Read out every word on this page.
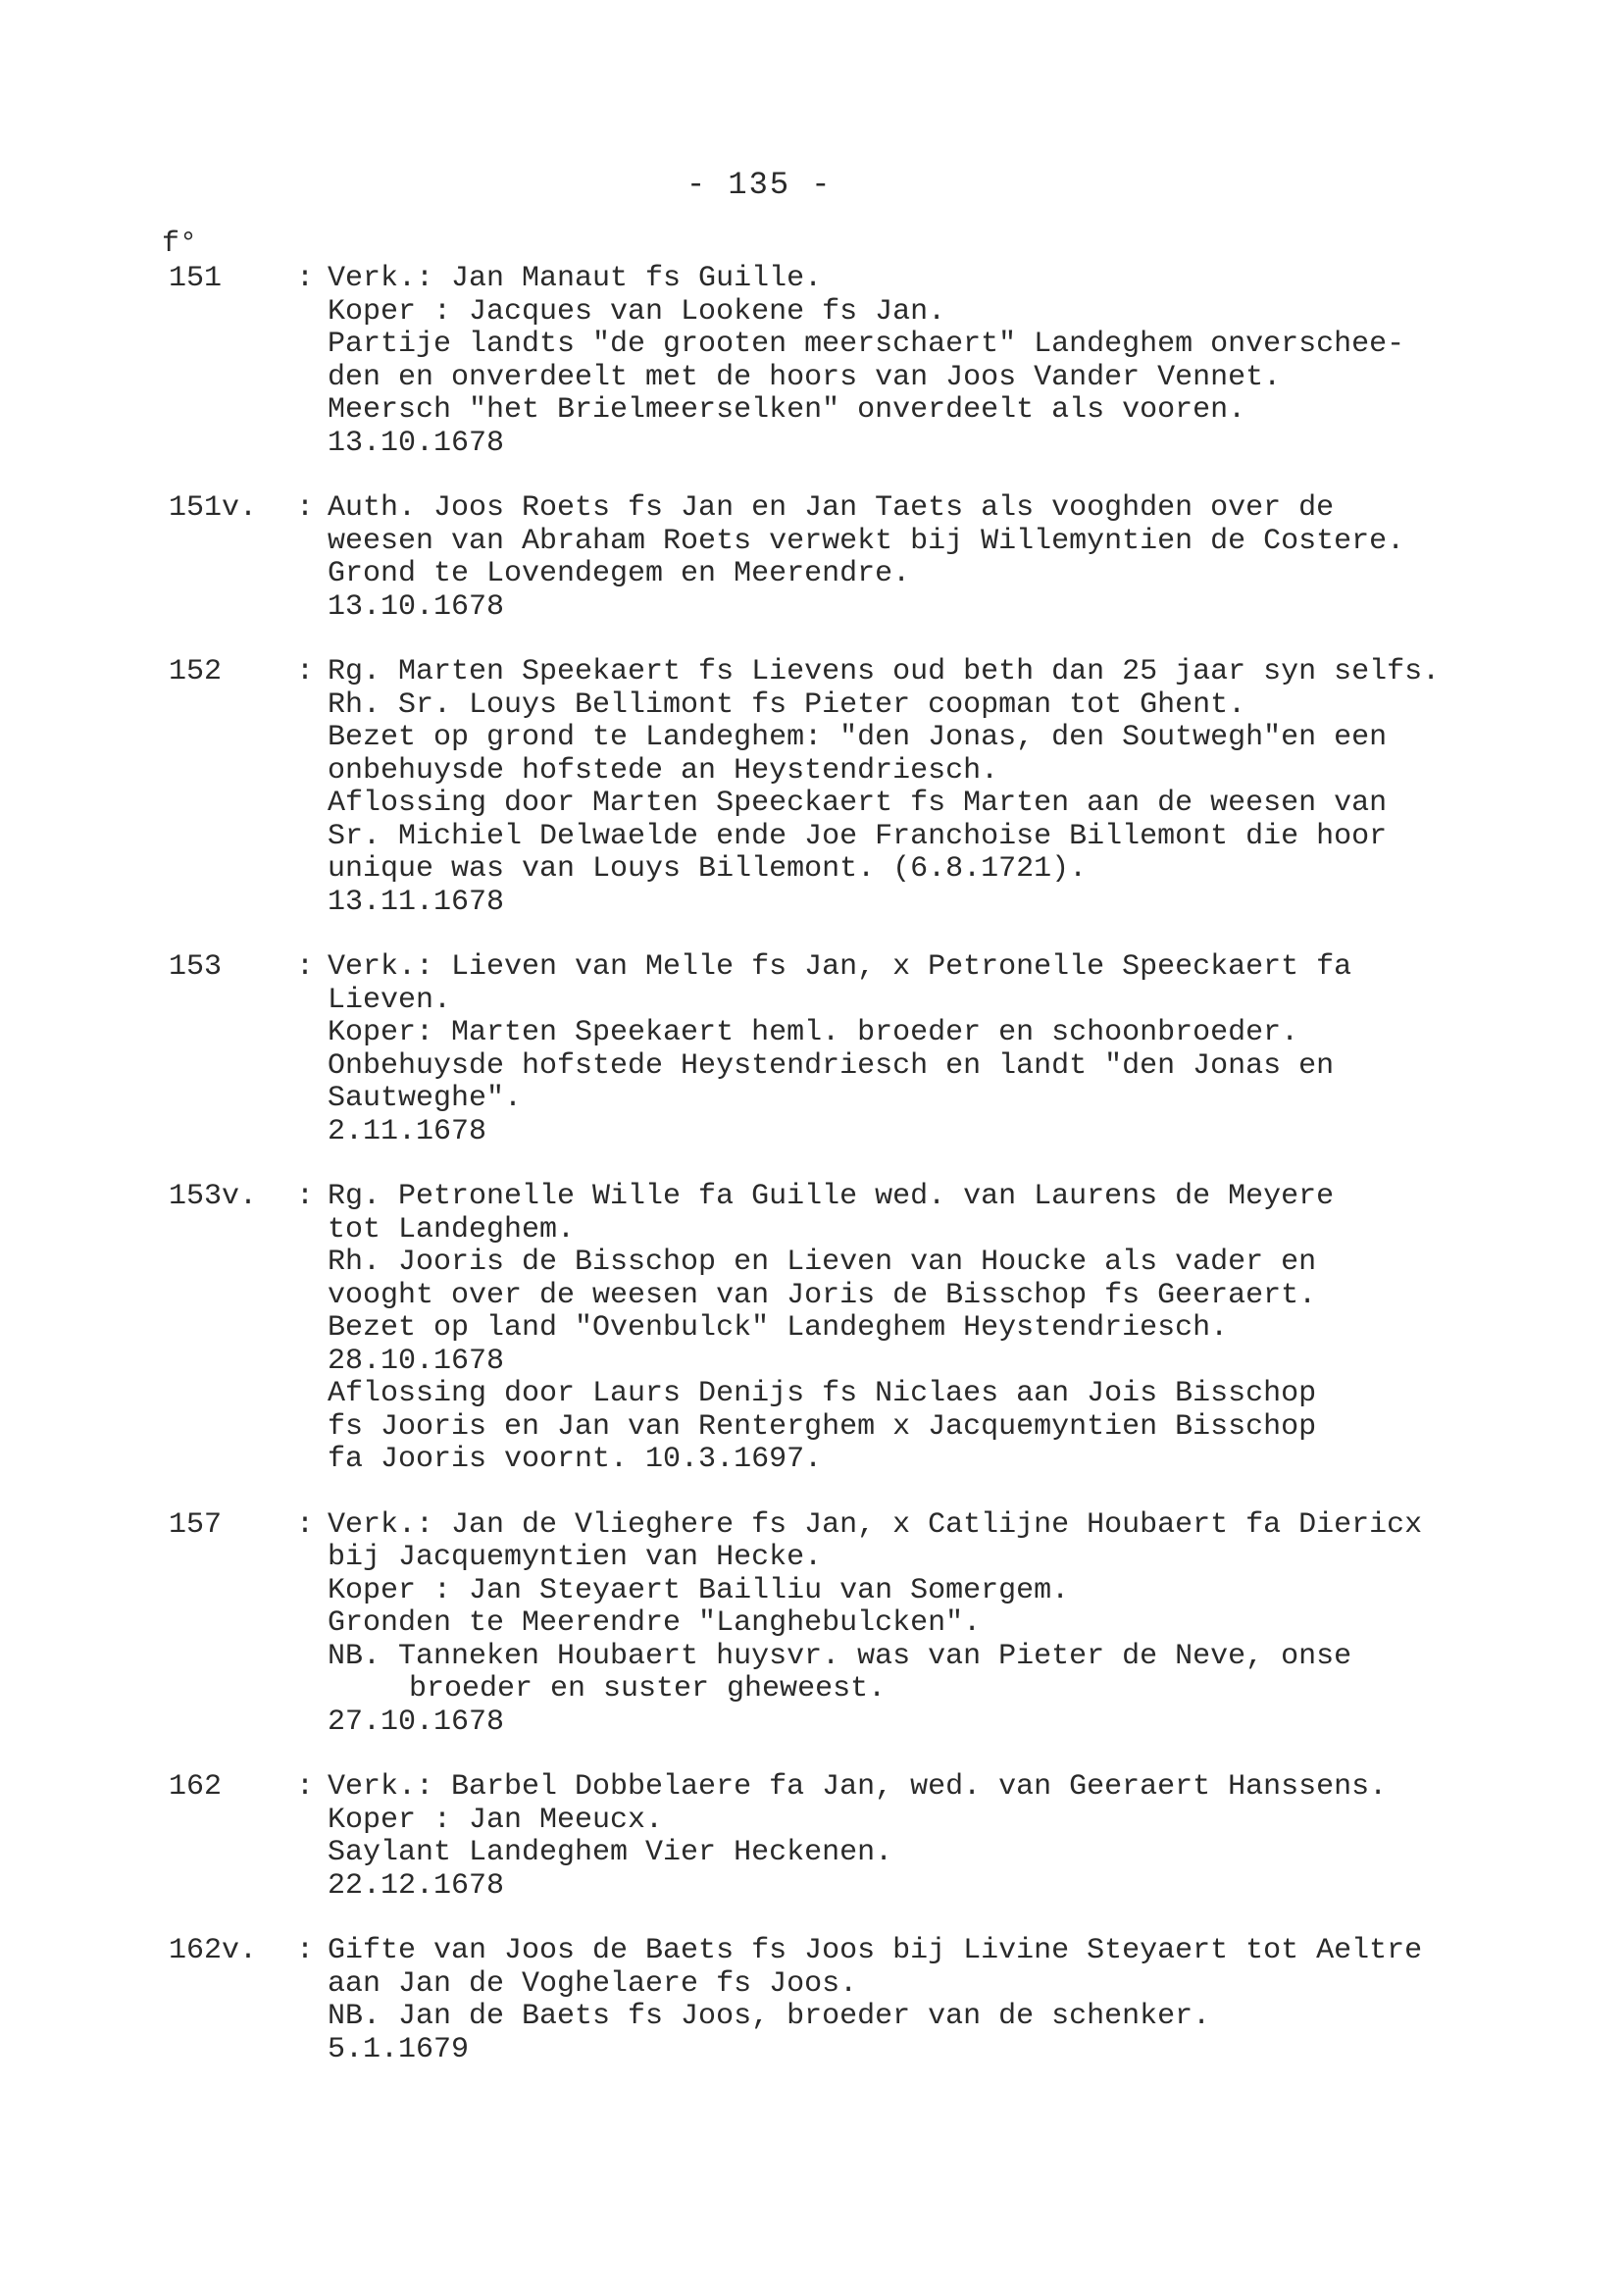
- 135 -
f°
151	: Verk.: Jan Manaut fs Guille.
Koper : Jacques van Lookene fs Jan.
Partije landts "de grooten meerschaert" Landeghem onverschee-
den en onverdeelt met de hoors van Joos Vander Vennet.
Meersch "het Brielmeerselken" onverdeelt als vooren.
13.10.1678
151v.	: Auth. Joos Roets fs Jan en Jan Taets als vooghden over de
weesen van Abraham Roets verwekt bij Willemyntien de Costere.
Grond te Lovendegem en Meerendre.
13.10.1678
152	: Rg. Marten Speekaert fs Lievens oud beth dan 25 jaar syn selfs.
Rh. Sr. Louys Bellimont fs Pieter coopman tot Ghent.
Bezet op grond te Landeghem: "den Jonas, den Soutwegh"en een
onbehuysde hofstede an Heystendriesch.
Aflossing door Marten Speeckaert fs Marten aan de weesen van
Sr. Michiel Delwaelde ende Joe Franchoise Billemont die hoor
unique was van Louys Billemont. (6.8.1721).
13.11.1678
153	: Verk.: Lieven van Melle fs Jan, x Petronelle Speeckaert fa
Lieven.
Koper: Marten Speekaert heml. broeder en schoonbroeder.
Onbehuysde hofstede Heystendriesch en landt "den Jonas en
Sautweghe".
2.11.1678
153v.	: Rg. Petronelle Wille fa Guille wed. van Laurens de Meyere
tot Landeghem.
Rh. Jooris de Bisschop en Lieven van Houcke als vader en
vooght over de weesen van Joris de Bisschop fs Geeraert.
Bezet op land "Ovenbulck" Landeghem Heystendriesch.
28.10.1678
Aflossing door Laurs Denijs fs Niclaes aan Jois Bisschop
fs Jooris en Jan van Renterghem x Jacquemyntien Bisschop
fa Jooris voornt. 10.3.1697.
157	: Verk.: Jan de Vlieghere fs Jan, x Catlijne Houbaert fa Diericx
bij Jacquemyntien van Hecke.
Koper : Jan Steyaert Bailliu van Somergem.
Gronden te Meerendre "Langhebulcken".
NB. Tanneken Houbaert huysvr. was van Pieter de Neve, onse
broeder en suster gheweest.
27.10.1678
162	: Verk.: Barbel Dobbelaere fa Jan, wed. van Geeraert Hanssens.
Koper : Jan Meeucx.
Saylant Landeghem Vier Heckenen.
22.12.1678
162v.	: Gifte van Joos de Baets fs Joos bij Livine Steyaert tot Aeltre
aan Jan de Voghelaere fs Joos.
NB. Jan de Baets fs Joos, broeder van de schenker.
5.1.1679
